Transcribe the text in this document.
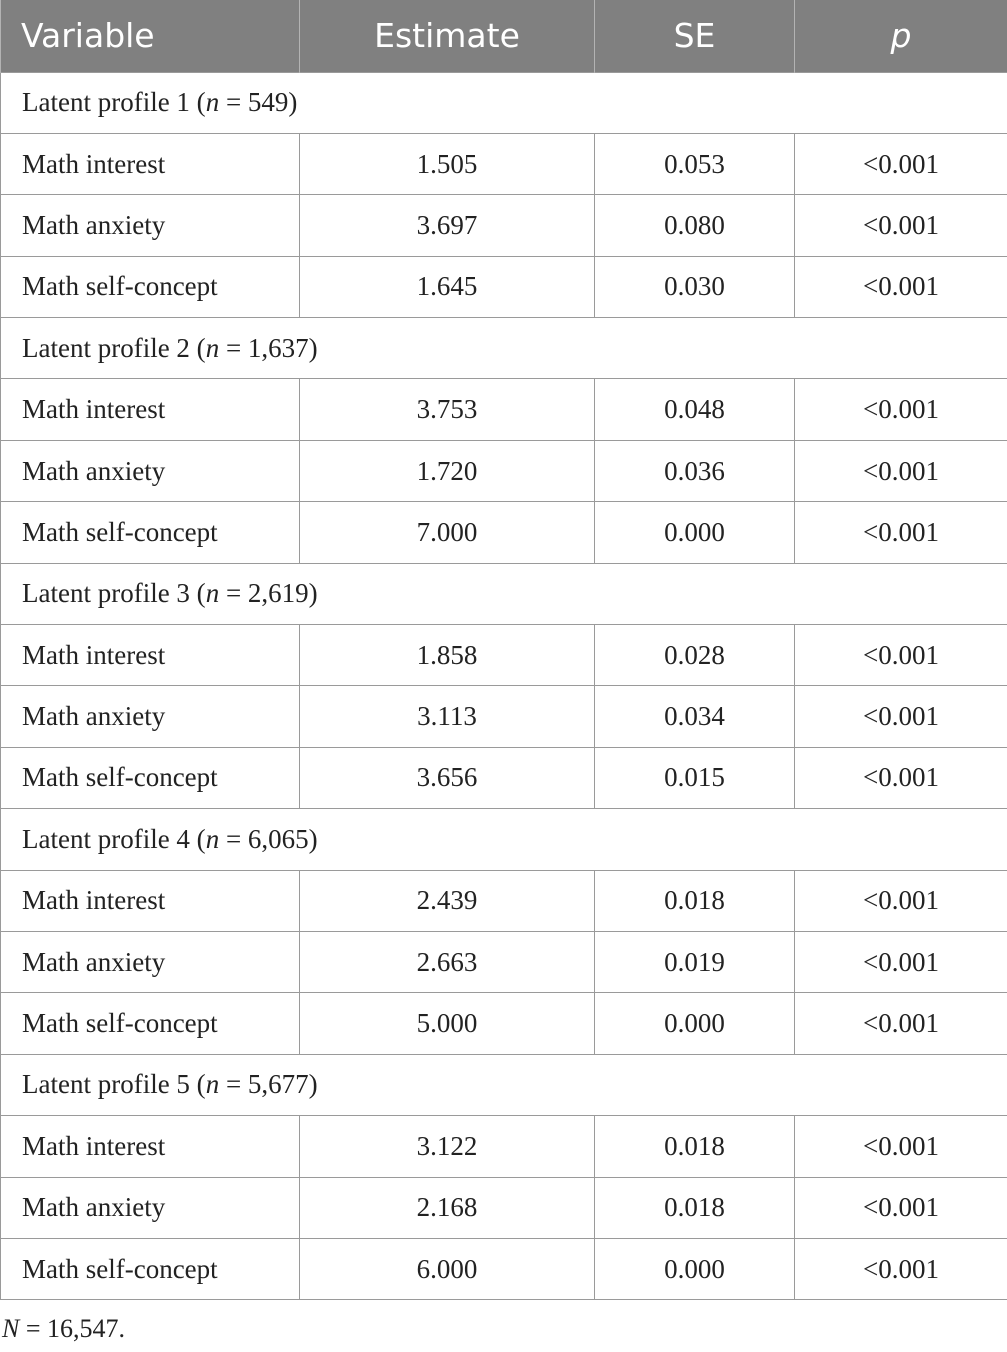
Variable	Estimate	SE	p
Latent profile 1 (n = 549)			
Math interest	1.505	0.053	<0.001
Math anxiety	3.697	0.080	<0.001
Math self-concept	1.645	0.030	<0.001
Latent profile 2 (n = 1,637)			
Math interest	3.753	0.048	<0.001
Math anxiety	1.720	0.036	<0.001
Math self-concept	7.000	0.000	<0.001
Latent profile 3 (n = 2,619)			
Math interest	1.858	0.028	<0.001
Math anxiety	3.113	0.034	<0.001
Math self-concept	3.656	0.015	<0.001
Latent profile 4 (n = 6,065)			
Math interest	2.439	0.018	<0.001
Math anxiety	2.663	0.019	<0.001
Math self-concept	5.000	0.000	<0.001
Latent profile 5 (n = 5,677)			
Math interest	3.122	0.018	<0.001
Math anxiety	2.168	0.018	<0.001
Math self-concept	6.000	0.000	<0.001
N = 16,547.
